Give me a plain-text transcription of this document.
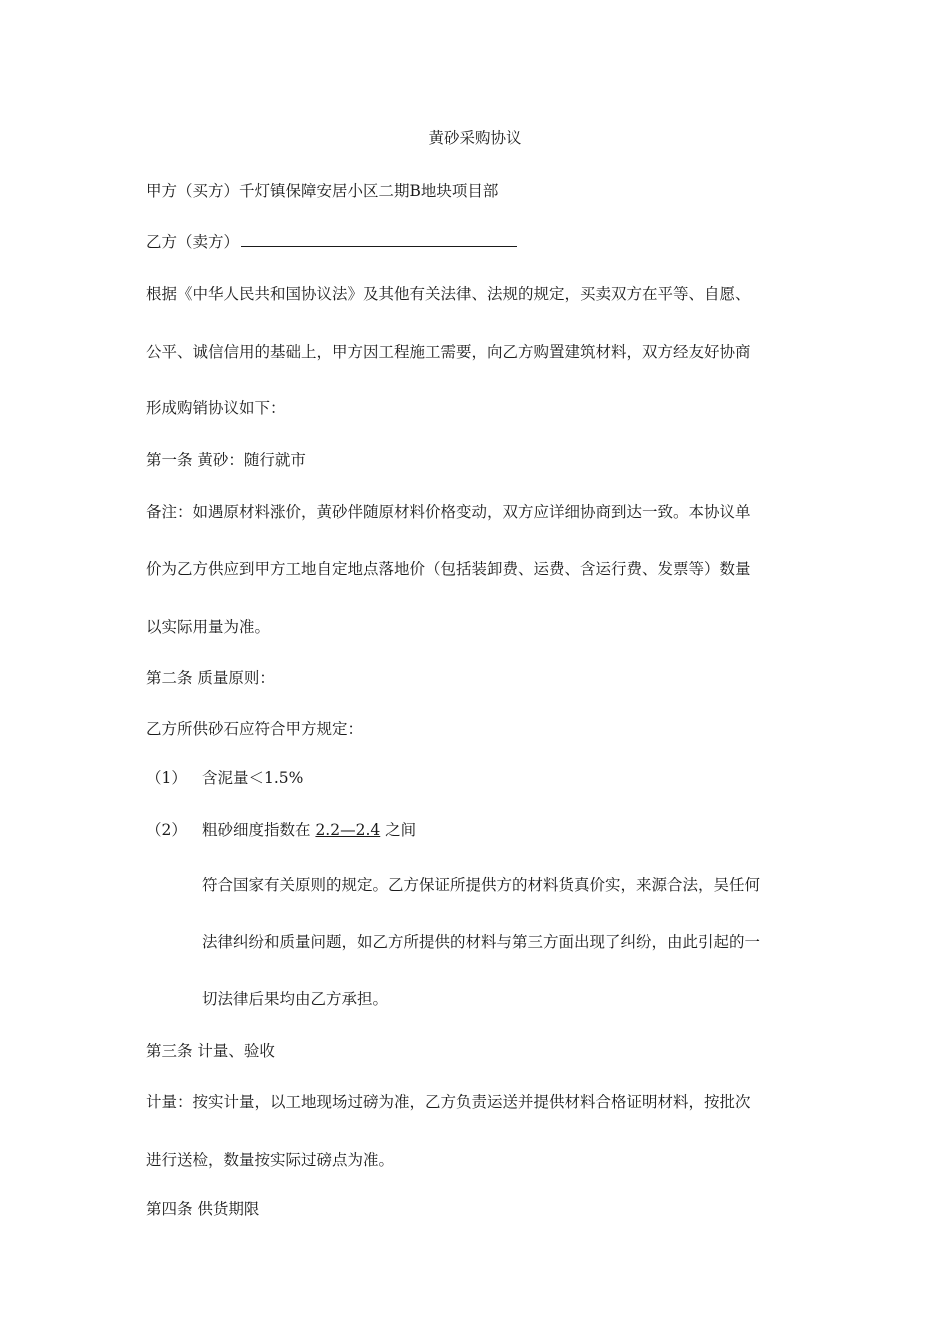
黄砂采购协议
甲方（买方）千灯镇保障安居小区二期B地块项目部
乙方（卖方）
根据《中华人民共和国协议法》及其他有关法律、法规的规定，买卖双方在平等、自愿、
公平、诚信信用的基础上，甲方因工程施工需要，向乙方购置建筑材料，双方经友好协商
形成购销协议如下：
第一条 黄砂：随行就市
备注：如遇原材料涨价，黄砂伴随原材料价格变动，双方应详细协商到达一致。本协议单
价为乙方供应到甲方工地自定地点落地价（包括装卸费、运费、含运行费、发票等）数量
以实际用量为准。
第二条 质量原则：
乙方所供砂石应符合甲方规定：
（1） 含泥量＜1.5%
（2） 粗砂细度指数在 2.2—2.4 之间
符合国家有关原则的规定。乙方保证所提供方的材料货真价实，来源合法，吴任何
法律纠纷和质量问题，如乙方所提供的材料与第三方面出现了纠纷，由此引起的一
切法律后果均由乙方承担。
第三条 计量、验收
计量：按实计量，以工地现场过磅为准，乙方负责运送并提供材料合格证明材料，按批次
进行送检，数量按实际过磅点为准。
第四条 供货期限
